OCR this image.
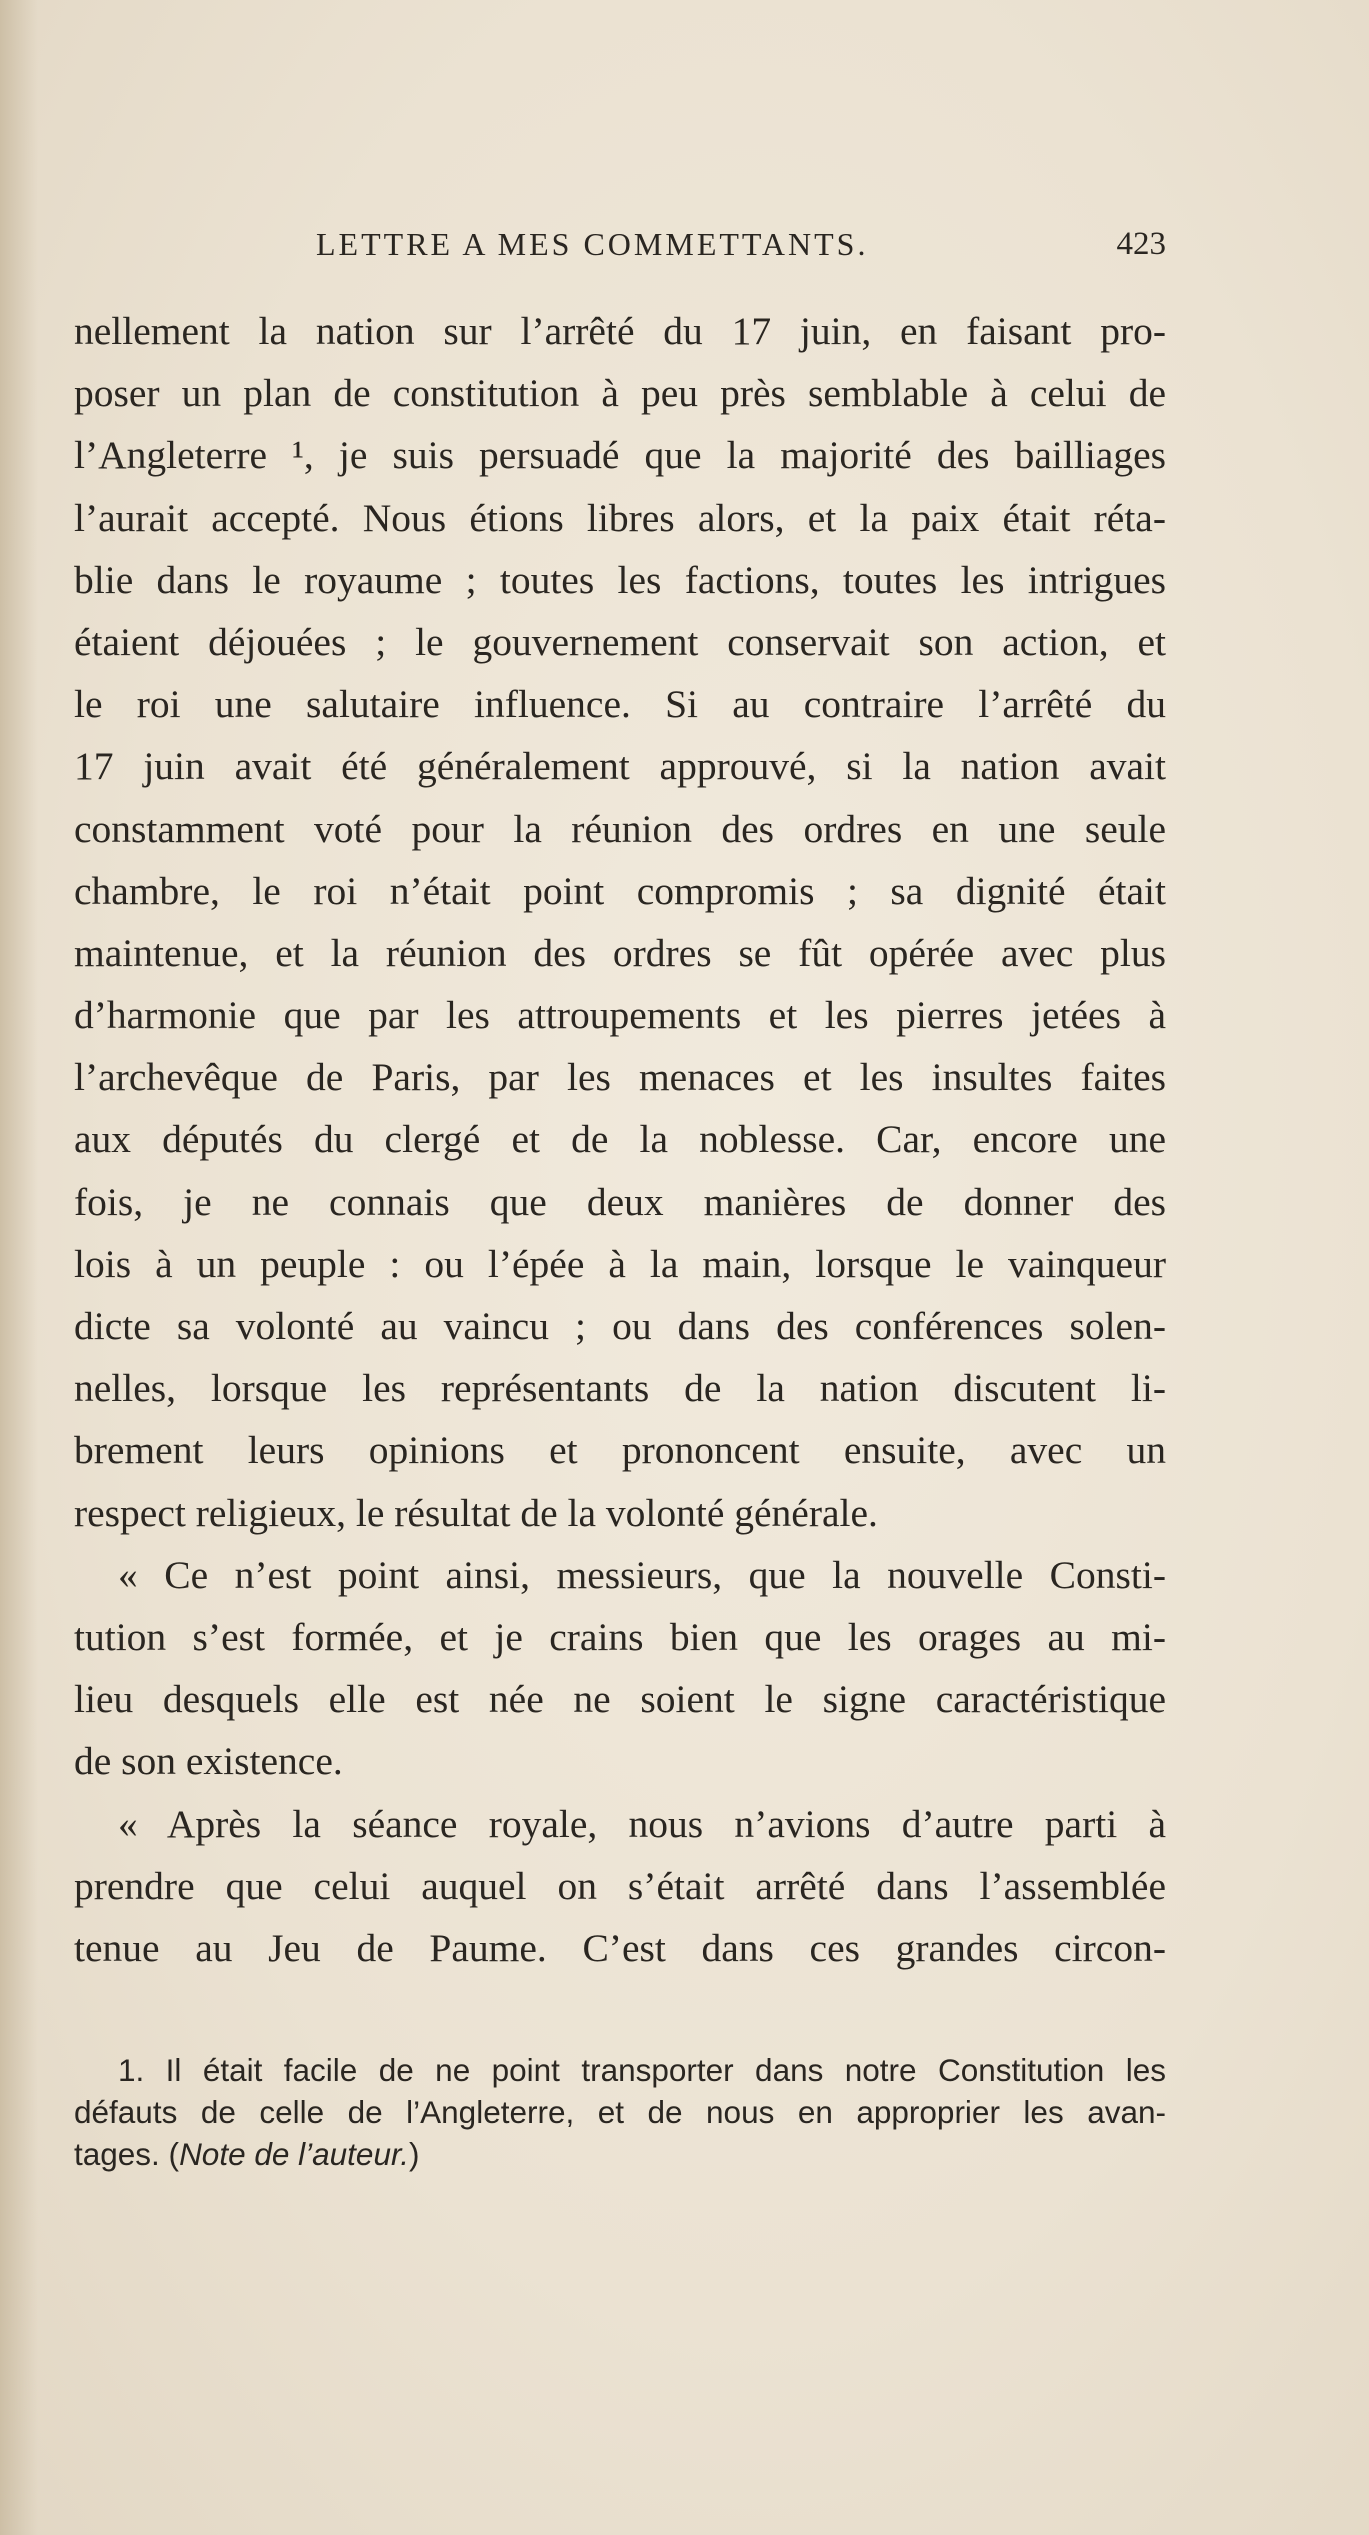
LETTRE A MES COMMETTANTS.	423
nellement la nation sur l’arrêté du 17 juin, en faisant pro-
poser un plan de constitution à peu près semblable à celui de
l’Angleterre ¹, je suis persuadé que la majorité des bailliages
l’aurait accepté. Nous étions libres alors, et la paix était réta-
blie dans le royaume ; toutes les factions, toutes les intrigues
étaient déjouées ; le gouvernement conservait son action, et
le roi une salutaire influence. Si au contraire l’arrêté du
17 juin avait été généralement approuvé, si la nation avait
constamment voté pour la réunion des ordres en une seule
chambre, le roi n’était point compromis ; sa dignité était
maintenue, et la réunion des ordres se fût opérée avec plus
d’harmonie que par les attroupements et les pierres jetées à
l’archevêque de Paris, par les menaces et les insultes faites
aux députés du clergé et de la noblesse. Car, encore une
fois, je ne connais que deux manières de donner des
lois à un peuple : ou l’épée à la main, lorsque le vainqueur
dicte sa volonté au vaincu ; ou dans des conférences solen-
nelles, lorsque les représentants de la nation discutent li-
brement leurs opinions et prononcent ensuite, avec un
respect religieux, le résultat de la volonté générale.
« Ce n’est point ainsi, messieurs, que la nouvelle Consti-
tution s’est formée, et je crains bien que les orages au mi-
lieu desquels elle est née ne soient le signe caractéristique
de son existence.
« Après la séance royale, nous n’avions d’autre parti à
prendre que celui auquel on s’était arrêté dans l’assemblée
tenue au Jeu de Paume. C’est dans ces grandes circon-
1. Il était facile de ne point transporter dans notre Constitution les
défauts de celle de l’Angleterre, et de nous en approprier les avan-
tages. (Note de l’auteur.)
